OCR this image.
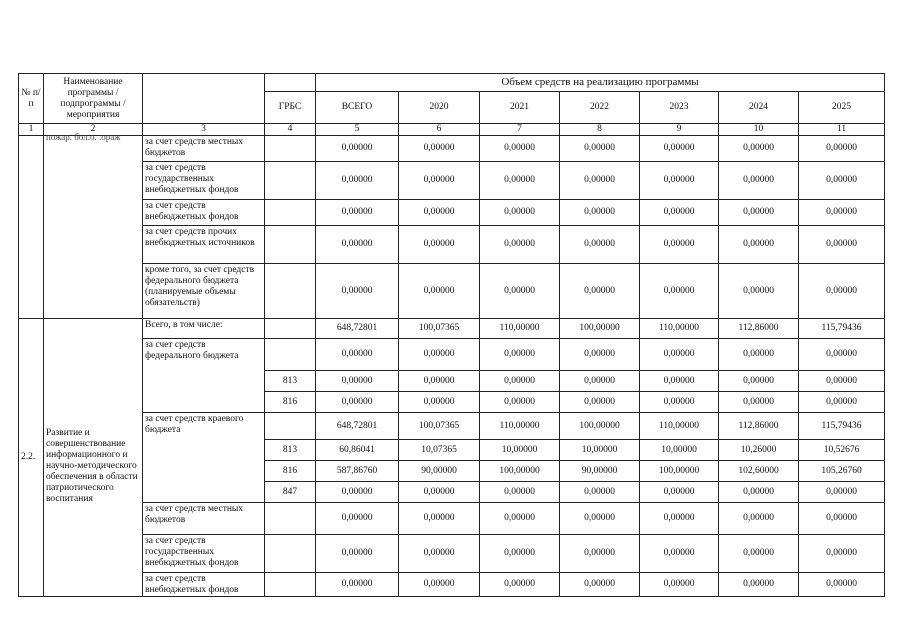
№ п/п	Наименование программы / подпрограммы / мероприятия			Объем средств на реализацию программы						
			ГРБС	ВСЕГО	2020	2021	2022	2023	2024	2025
1	2	3	4	5	6	7	8	9	10	11

	пожар. бол.о. .ораж	за счет средств местных бюджетов		0,00000	0,00000	0,00000	0,00000	0,00000	0,00000	0,00000
		за счет средств государственных внебюджетных фондов		0,00000	0,00000	0,00000	0,00000	0,00000	0,00000	0,00000
		за счет средств внебюджетных фондов		0,00000	0,00000	0,00000	0,00000	0,00000	0,00000	0,00000
		за счет средств прочих внебюджетных источников		0,00000	0,00000	0,00000	0,00000	0,00000	0,00000	0,00000
		кроме того, за счет средств федерального бюджета (планируемые объемы обязательств)		0,00000	0,00000	0,00000	0,00000	0,00000	0,00000	0,00000
2.2.	Развитие и совершенствование информационного и научно-методического обеспечения в области патриотического воспитания	Всего, в том числе:		648,72801	100,07365	110,00000	100,00000	110,00000	112,86000	115,79436
		за счет средств федерального бюджета		0,00000	0,00000	0,00000	0,00000	0,00000	0,00000	0,00000
			813	0,00000	0,00000	0,00000	0,00000	0,00000	0,00000	0,00000
			816	0,00000	0,00000	0,00000	0,00000	0,00000	0,00000	0,00000
		за счет средств краевого бюджета		648,72801	100,07365	110,00000	100,00000	110,00000	112,86000	115,79436
			813	60,86041	10,07365	10,00000	10,00000	10,00000	10,26000	10,52676
			816	587,86760	90,00000	100,00000	90,00000	100,00000	102,60000	105,26760
			847	0,00000	0,00000	0,00000	0,00000	0,00000	0,00000	0,00000
		за счет средств местных бюджетов		0,00000	0,00000	0,00000	0,00000	0,00000	0,00000	0,00000
		за счет средств государственных внебюджетных фондов		0,00000	0,00000	0,00000	0,00000	0,00000	0,00000	0,00000
		за счет средств внебюджетных фондов		0,00000	0,00000	0,00000	0,00000	0,00000	0,00000	0,00000
